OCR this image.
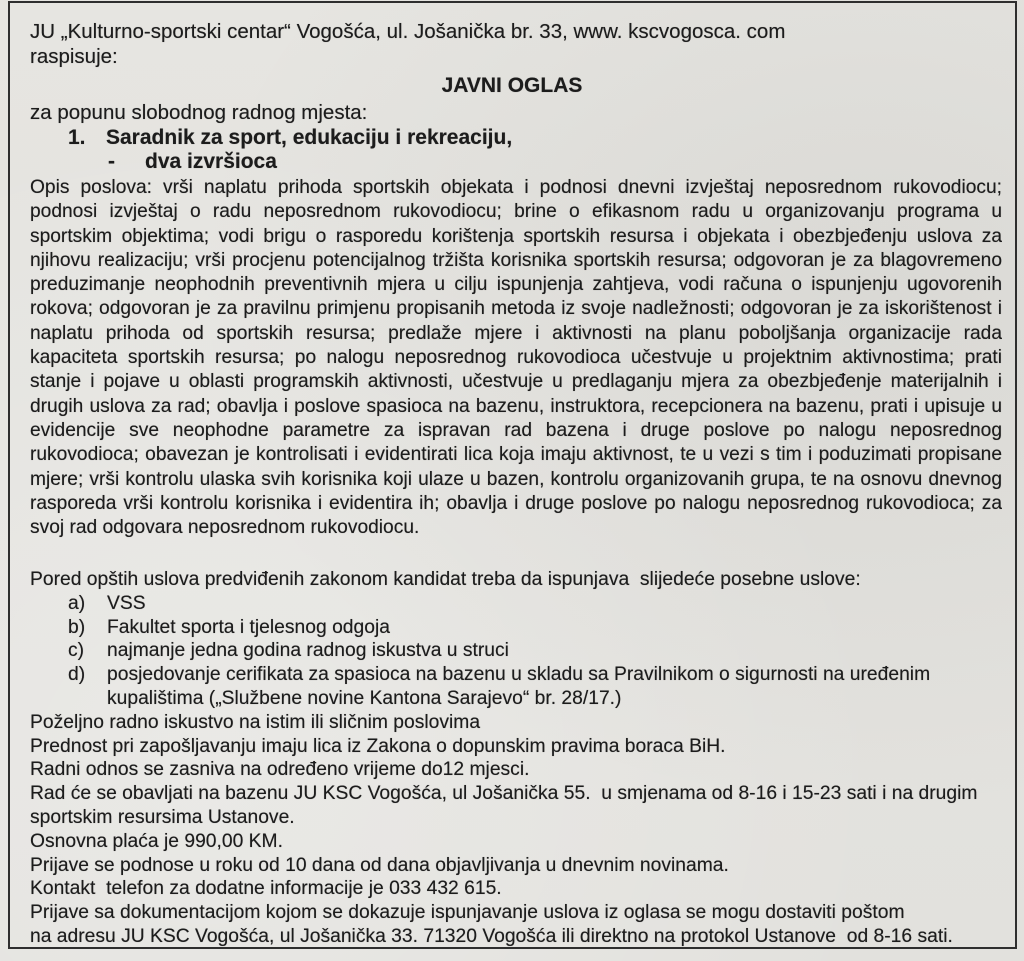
JU „Kulturno-sportski centar“ Vogošća, ul. Jošanička br. 33, www. kscvogosca. com
raspisuje:
JAVNI OGLAS
za popunu slobodnog radnog mjesta:

1.

Saradnik za sport, edukaciju i rekreaciju,

-

dva izvršioca

Opis poslova: vrši naplatu prihoda sportskih objekata i podnosi dnevni izvještaj neposrednom rukovodiocu;
podnosi izvještaj o radu neposrednom rukovodiocu; brine o efikasnom radu u organizovanju programa u
sportskim objektima; vodi brigu o rasporedu korištenja sportskih resursa i objekata i obezbjeđenju uslova za
njihovu realizaciju; vrši procjenu potencijalnog tržišta korisnika sportskih resursa; odgovoran je za blagovremeno
preduzimanje neophodnih preventivnih mjera u cilju ispunjenja zahtjeva, vodi računa o ispunjenju ugovorenih
rokova; odgovoran je za pravilnu primjenu propisanih metoda iz svoje nadležnosti; odgovoran je za iskorištenost i
naplatu prihoda od sportskih resursa; predlaže mjere i aktivnosti na planu poboljšanja organizacije rada
kapaciteta sportskih resursa; po nalogu neposrednog rukovodioca učestvuje u projektnim aktivnostima; prati
stanje i pojave u oblasti programskih aktivnosti, učestvuje u predlaganju mjera za obezbjeđenje materijalnih i
drugih uslova za rad; obavlja i poslove spasioca na bazenu, instruktora, recepcionera na bazenu, prati i upisuje u
evidencije sve neophodne parametre za ispravan rad bazena i druge poslove po nalogu neposrednog
rukovodioca; obavezan je kontrolisati i evidentirati lica koja imaju aktivnost, te u vezi s tim i poduzimati propisane
mjere; vrši kontrolu ulaska svih korisnika koji ulaze u bazen, kontrolu organizovanih grupa, te na osnovu dnevnog
rasporeda vrši kontrolu korisnika i evidentira ih; obavlja i druge poslove po nalogu neposrednog rukovodioca; za
svoj rad odgovara neposrednom rukovodiocu.
Pored opštih uslova predviđenih zakonom kandidat treba da ispunjava  slijedeće posebne uslove:

a)

VSS

b)

Fakultet sporta i tjelesnog odgoja

c)

najmanje jedna godina radnog iskustva u struci

d)

posjedovanje cerifikata za spasioca na bazenu u skladu sa Pravilnikom o sigurnosti na uređenim

kupalištima („Službene novine Kantona Sarajevo“ br. 28/17.)

Poželjno radno iskustvo na istim ili sličnim poslovima
Prednost pri zapošljavanju imaju lica iz Zakona o dopunskim pravima boraca BiH.
Radni odnos se zasniva na određeno vrijeme do12 mjesci.
Rad će se obavljati na bazenu JU KSC Vogošća, ul Jošanička 55.  u smjenama od 8-16 i 15-23 sati i na drugim
sportskim resursima Ustanove.
Osnovna plaća je 990,00 KM.
Prijave se podnose u roku od 10 dana od dana objavljivanja u dnevnim novinama.
Kontakt  telefon za dodatne informacije je 033 432 615.
Prijave sa dokumentacijom kojom se dokazuje ispunjavanje uslova iz oglasa se mogu dostaviti poštom
na adresu JU KSC Vogošća, ul Jošanička 33. 71320 Vogošća ili direktno na protokol Ustanove  od 8-16 sati.
